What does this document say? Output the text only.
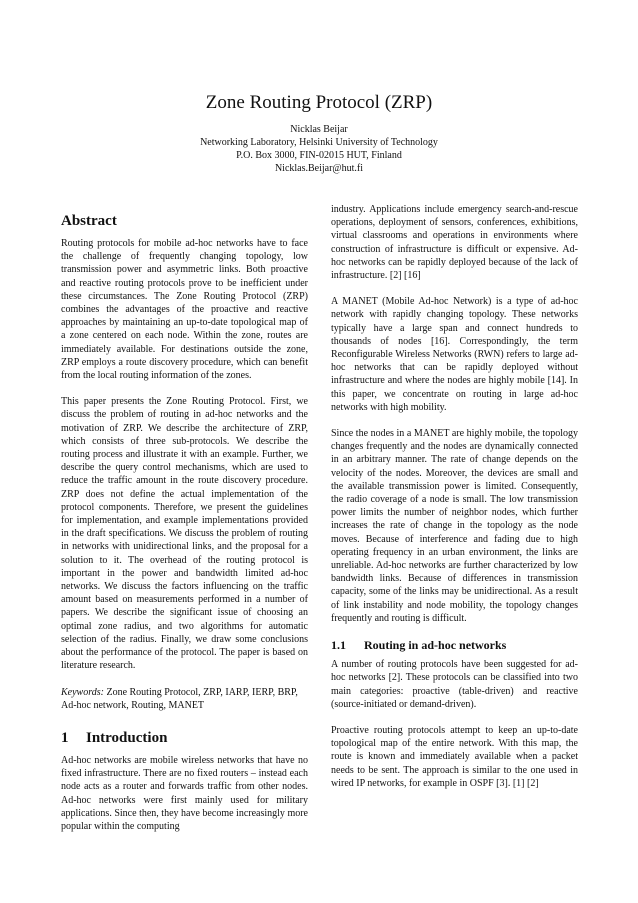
Zone Routing Protocol (ZRP)
Nicklas Beijar
Networking Laboratory, Helsinki University of Technology
P.O. Box 3000, FIN-02015 HUT, Finland
Nicklas.Beijar@hut.fi
Abstract

Routing protocols for mobile ad-hoc networks have to face the challenge of frequently changing topology, low transmission power and asymmetric links. Both proactive and reactive routing protocols prove to be inefficient under these circumstances. The Zone Routing Protocol (ZRP) combines the advantages of the proactive and reactive approaches by maintaining an up-to-date topological map of a zone centered on each node. Within the zone, routes are immediately available. For destinations outside the zone, ZRP employs a route discovery procedure, which can benefit from the local routing information of the zones.

This paper presents the Zone Routing Protocol. First, we discuss the problem of routing in ad-hoc networks and the motivation of ZRP. We describe the architecture of ZRP, which consists of three sub-protocols. We describe the routing process and illustrate it with an example. Further, we describe the query control mechanisms, which are used to reduce the traffic amount in the route discovery procedure. ZRP does not define the actual implementation of the protocol components. Therefore, we present the guidelines for implementation, and example implementations provided in the draft specifications. We discuss the problem of routing in networks with unidirectional links, and the proposal for a solution to it. The overhead of the routing protocol is important in the power and bandwidth limited ad-hoc networks. We discuss the factors influencing on the traffic amount based on measurements performed in a number of papers. We describe the significant issue of choosing an optimal zone radius, and two algorithms for automatic selection of the radius. Finally, we draw some conclusions about the performance of the protocol. The paper is based on literature research.

Keywords: Zone Routing Protocol, ZRP, IARP, IERP, BRP, Ad-hoc network, Routing, MANET

1 Introduction

Ad-hoc networks are mobile wireless networks that have no fixed infrastructure. There are no fixed routers – instead each node acts as a router and forwards traffic from other nodes. Ad-hoc networks were first mainly used for military applications. Since then, they have become increasingly more popular within the computing

industry. Applications include emergency search-and-rescue operations, deployment of sensors, conferences, exhibitions, virtual classrooms and operations in environments where construction of infrastructure is difficult or expensive. Ad-hoc networks can be rapidly deployed because of the lack of infrastructure. [2] [16]

A MANET (Mobile Ad-hoc Network) is a type of ad-hoc network with rapidly changing topology. These networks typically have a large span and connect hundreds to thousands of nodes [16]. Correspondingly, the term Reconfigurable Wireless Networks (RWN) refers to large ad-hoc networks that can be rapidly deployed without infrastructure and where the nodes are highly mobile [14]. In this paper, we concentrate on routing in large ad-hoc networks with high mobility.

Since the nodes in a MANET are highly mobile, the topology changes frequently and the nodes are dynamically connected in an arbitrary manner. The rate of change depends on the velocity of the nodes. Moreover, the devices are small and the available transmission power is limited. Consequently, the radio coverage of a node is small. The low transmission power limits the number of neighbor nodes, which further increases the rate of change in the topology as the node moves. Because of interference and fading due to high operating frequency in an urban environment, the links are unreliable. Ad-hoc networks are further characterized by low bandwidth links. Because of differences in transmission capacity, some of the links may be unidirectional. As a result of link instability and node mobility, the topology changes frequently and routing is difficult.

1.1 Routing in ad-hoc networks

A number of routing protocols have been suggested for ad-hoc networks [2]. These protocols can be classified into two main categories: proactive (table-driven) and reactive (source-initiated or demand-driven).

Proactive routing protocols attempt to keep an up-to-date topological map of the entire network. With this map, the route is known and immediately available when a packet needs to be sent. The approach is similar to the one used in wired IP networks, for example in OSPF [3]. [1] [2]
